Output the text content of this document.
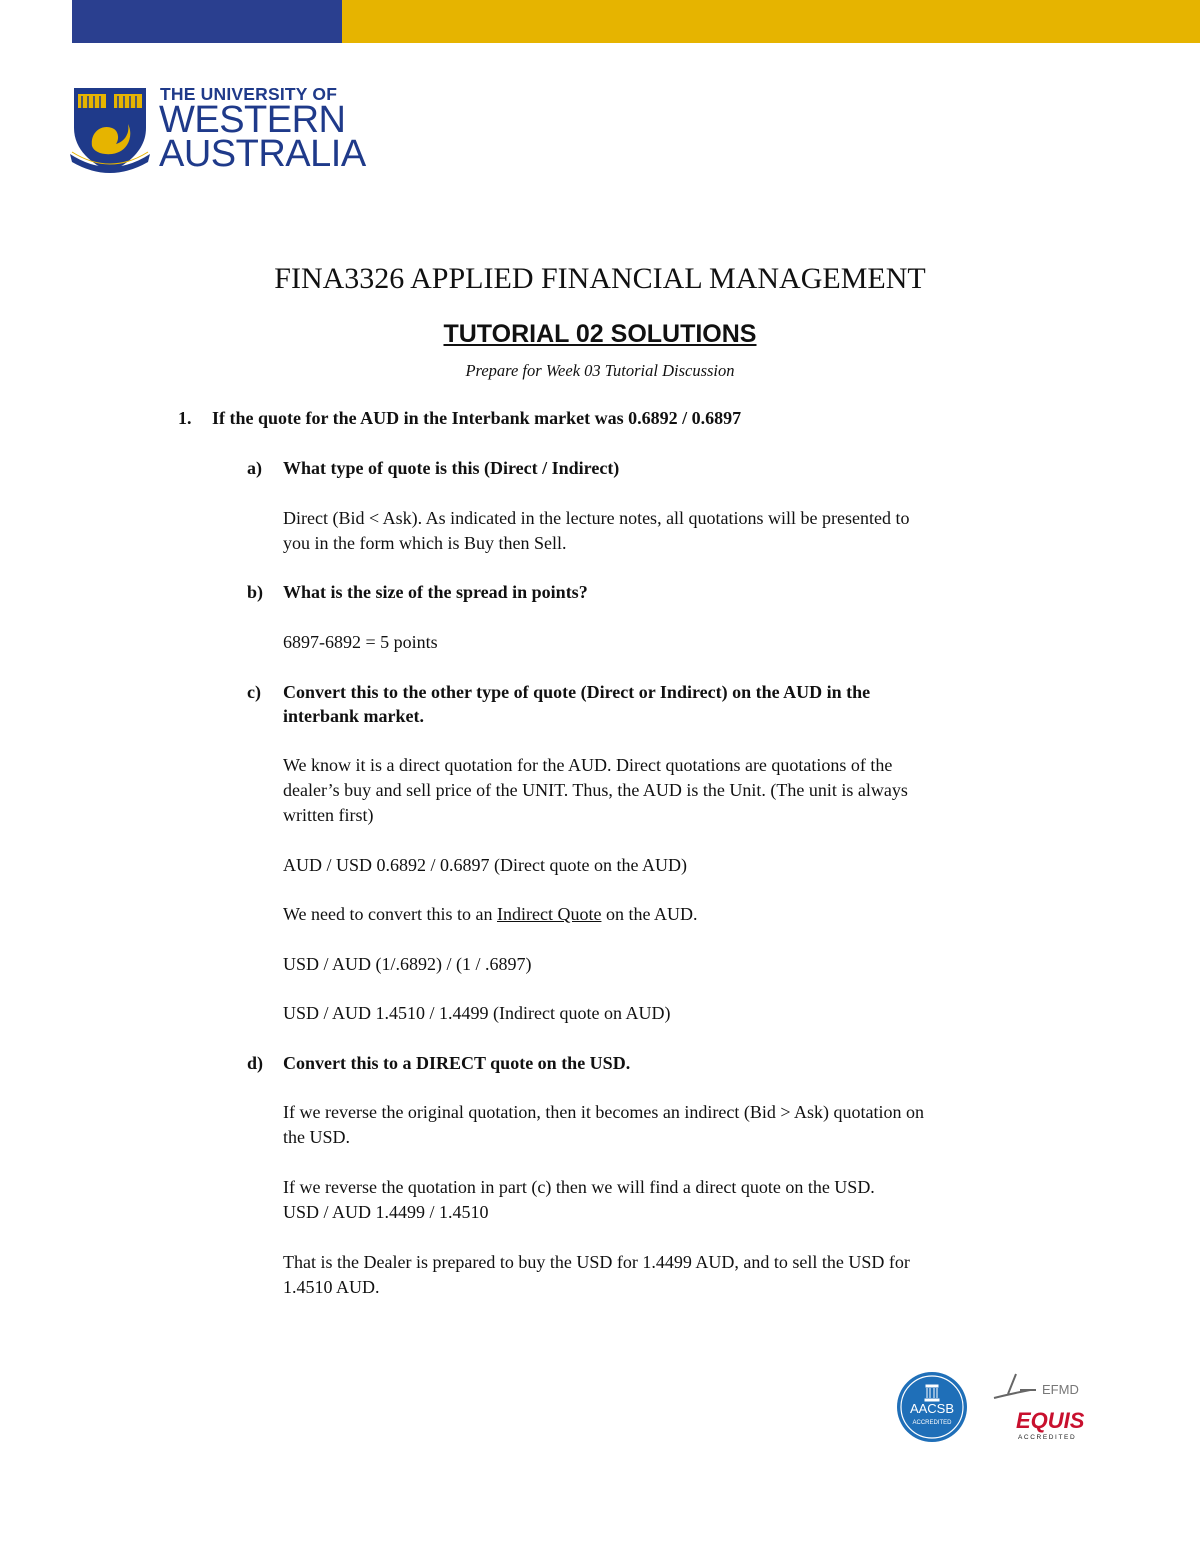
THE UNIVERSITY OF
WESTERN
AUSTRALIA
FINA3326 APPLIED FINANCIAL MANAGEMENT
TUTORIAL 02 SOLUTIONS
Prepare for Week 03 Tutorial Discussion
1. If the quote for the AUD in the Interbank market was 0.6892 / 0.6897
a) What type of quote is this (Direct / Indirect)
Direct (Bid < Ask). As indicated in the lecture notes, all quotations will be presented to
you in the form which is Buy then Sell.
b) What is the size of the spread in points?
6897-6892 = 5 points
c) Convert this to the other type of quote (Direct or Indirect) on the AUD in the
interbank market.
We know it is a direct quotation for the AUD. Direct quotations are quotations of the
dealer’s buy and sell price of the UNIT. Thus, the AUD is the Unit. (The unit is always
written first)
AUD / USD 0.6892 / 0.6897 (Direct quote on the AUD)
We need to convert this to an Indirect Quote on the AUD.
USD / AUD (1/.6892) / (1 / .6897)
USD / AUD 1.4510 / 1.4499 (Indirect quote on AUD)
d) Convert this to a DIRECT quote on the USD.
If we reverse the original quotation, then it becomes an indirect (Bid > Ask) quotation on
the USD.
If we reverse the quotation in part (c) then we will find a direct quote on the USD.
USD / AUD 1.4499 / 1.4510
That is the Dealer is prepared to buy the USD for 1.4499 AUD, and to sell the USD for
1.4510 AUD.
AACSB
ACCREDITED
EFMD
EQUIS
ACCREDITED
